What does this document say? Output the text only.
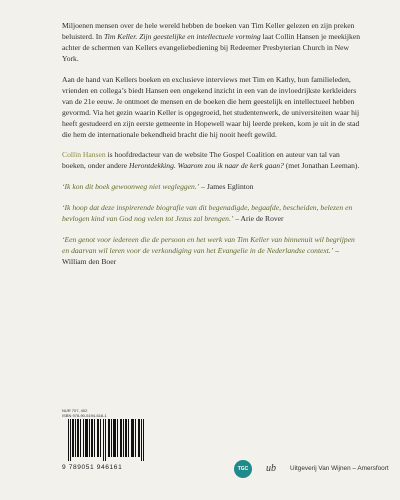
Miljoenen mensen over de hele wereld hebben de boeken van Tim Keller gelezen en zijn preken beluisterd. In Tim Keller. Zijn geestelijke en intellectuele vorming laat Collin Hansen je meekijken achter de schermen van Kellers evangeliebediening bij Redeemer Presbyterian Church in New York.

Aan de hand van Kellers boeken en exclusieve interviews met Tim en Kathy, hun familieleden, vrienden en collega’s biedt Hansen een ongekend inzicht in een van de invloedrijkste kerkleiders van de 21e eeuw. Je ontmoet de mensen en de boeken die hem geestelijk en intellectueel hebben gevormd. Via het gezin waarin Keller is opgegroeid, het studentenwerk, de universiteiten waar hij heeft gestudeerd en zijn eerste gemeente in Hopewell waar hij leerde preken, kom je uit in de stad die hem de internationale bekendheid bracht die hij nooit heeft gewild.

Collin Hansen is hoofdredacteur van de website The Gospel Coalition en auteur van tal van boeken, onder andere Herontdekking. Waarom zou ik naar de kerk gaan? (met Jonathan Leeman).

‘Ik kon dit boek gewoonweg niet wegleggen.’ – James Eglinton

‘Ik hoop dat deze inspirerende biografie van dit begenadigde, begaafde, bescheiden, belezen en bevlogen kind van God nog velen tot Jezus zal brengen.’ – Arie de Rover

‘Een genot voor iedereen die de persoon en het werk van Tim Keller van binnenuit wil begrijpen en daarvan wil leren voor de verkondiging van het Evangelie in de Nederlandse context.’ – William den Boer

NUR 707, 402
ISBN 978-90-5194-616-1
9 789051 946161	TGC	ub	Uitgeverij Van Wijnen – Amersfoort
